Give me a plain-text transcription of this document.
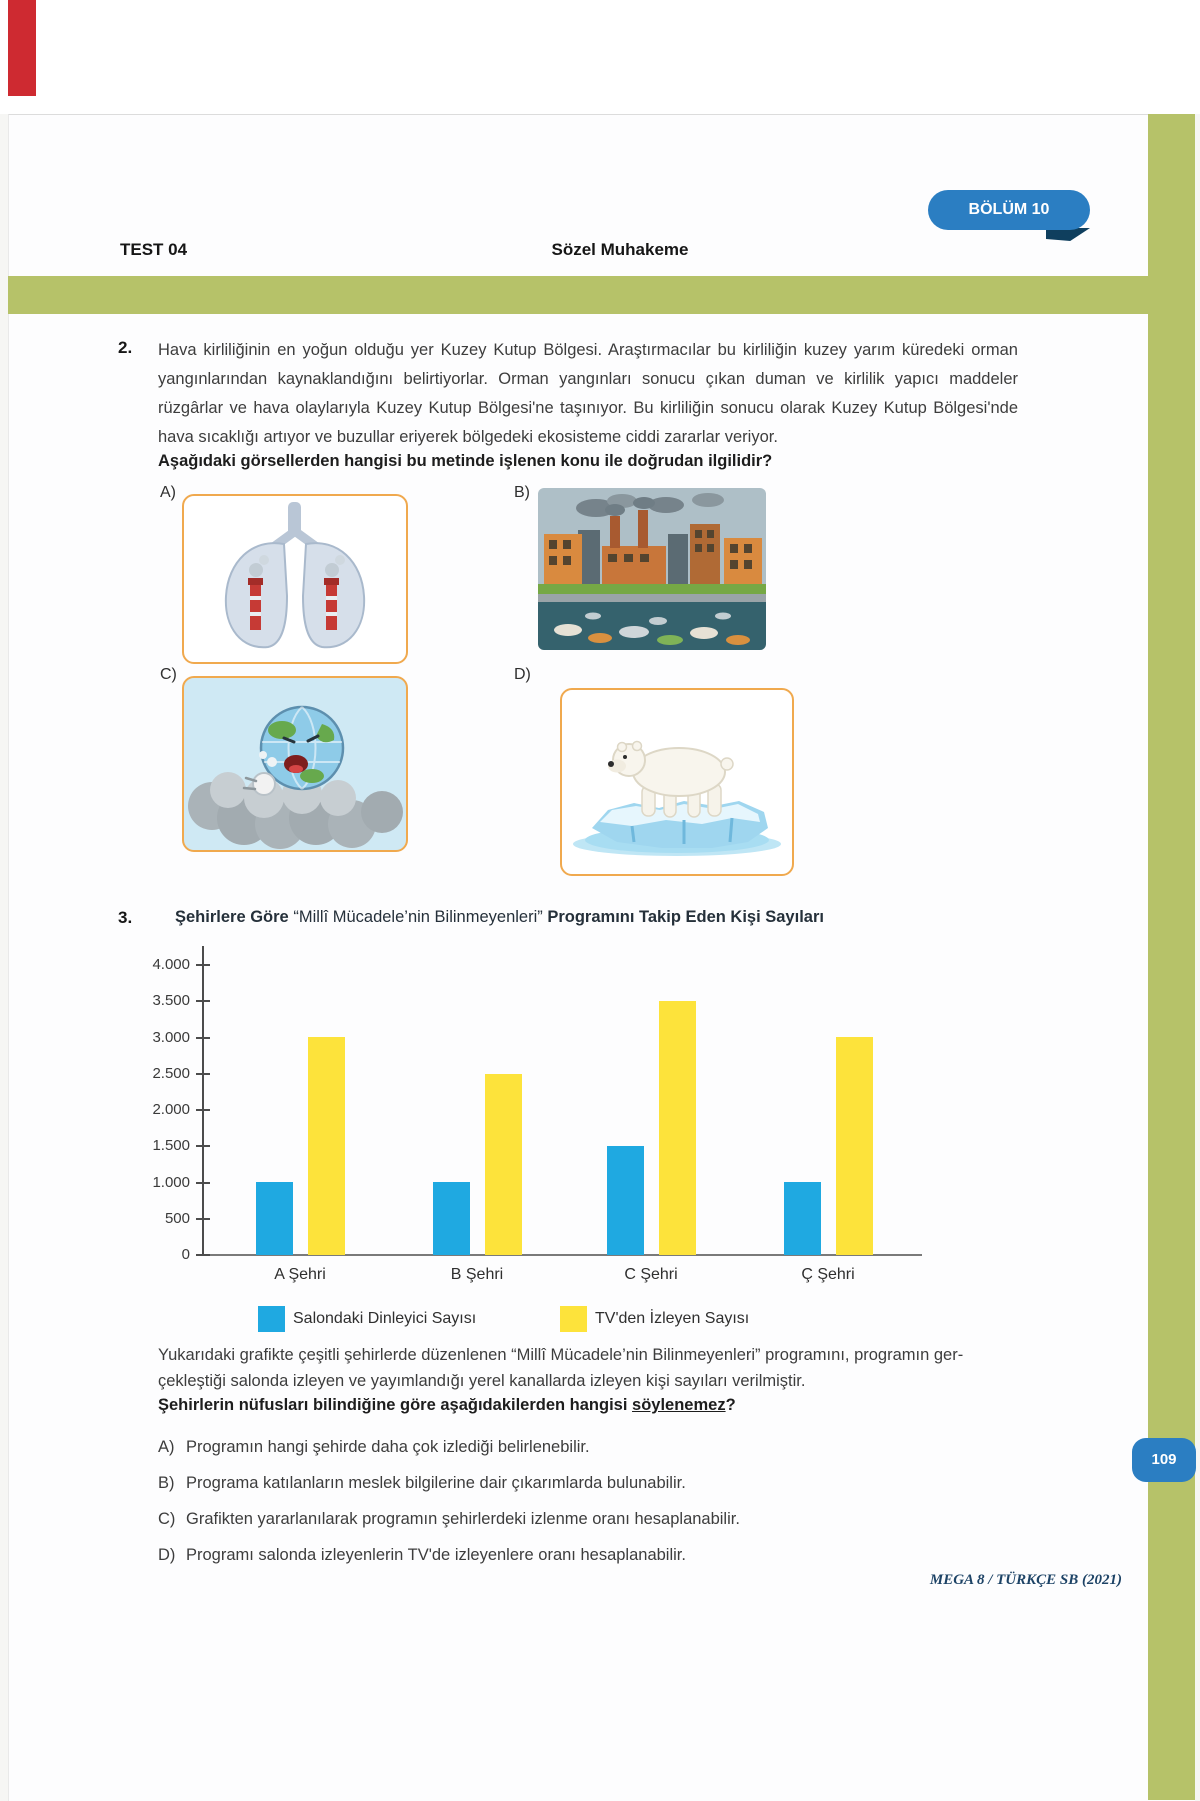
TEST 04	Sözel Muhakeme
BÖLÜM 10
2. Hava kirliliğinin en yoğun olduğu yer Kuzey Kutup Bölgesi. Araştırmacılar bu kirliliğin kuzey yarım küredeki orman yangınlarından kaynaklandığını belirtiyorlar. Orman yangınları sonucu çıkan duman ve kirlilik yapıcı maddeler rüzgârlar ve hava olaylarıyla Kuzey Kutup Bölgesi'ne taşınıyor. Bu kirliliğin sonucu olarak Kuzey Kutup Bölgesi'nde hava sıcaklığı artıyor ve buzullar eriyerek bölgedeki ekosisteme ciddi zararlar veriyor.
Aşağıdaki görsellerden hangisi bu metinde işlenen konu ile doğrudan ilgilidir?
A)	B)
C)	D)
3.	Şehirlere Göre “Millî Mücadele’nin Bilinmeyenleri” Programını Takip Eden Kişi Sayıları
4.000
3.500
3.000
2.500
2.000
1.500
1.000
500
0
A Şehri	B Şehri	C Şehri	Ç Şehri
Salondaki Dinleyici Sayısı	TV'den İzleyen Sayısı
Yukarıdaki grafikte çeşitli şehirlerde düzenlenen “Millî Mücadele’nin Bilinmeyenleri” programını, programın ger-
çekleştiği salonda izleyen ve yayımlandığı yerel kanallarda izleyen kişi sayıları verilmiştir.
Şehirlerin nüfusları bilindiğine göre aşağıdakilerden hangisi söylenemez?
A) Programın hangi şehirde daha çok izlediği belirlenebilir.
B) Programa katılanların meslek bilgilerine dair çıkarımlarda bulunabilir.
C) Grafikten yararlanılarak programın şehirlerdeki izlenme oranı hesaplanabilir.
D) Programı salonda izleyenlerin TV'de izleyenlere oranı hesaplanabilir.
MEGA 8 / TÜRKÇE SB (2021)
109
